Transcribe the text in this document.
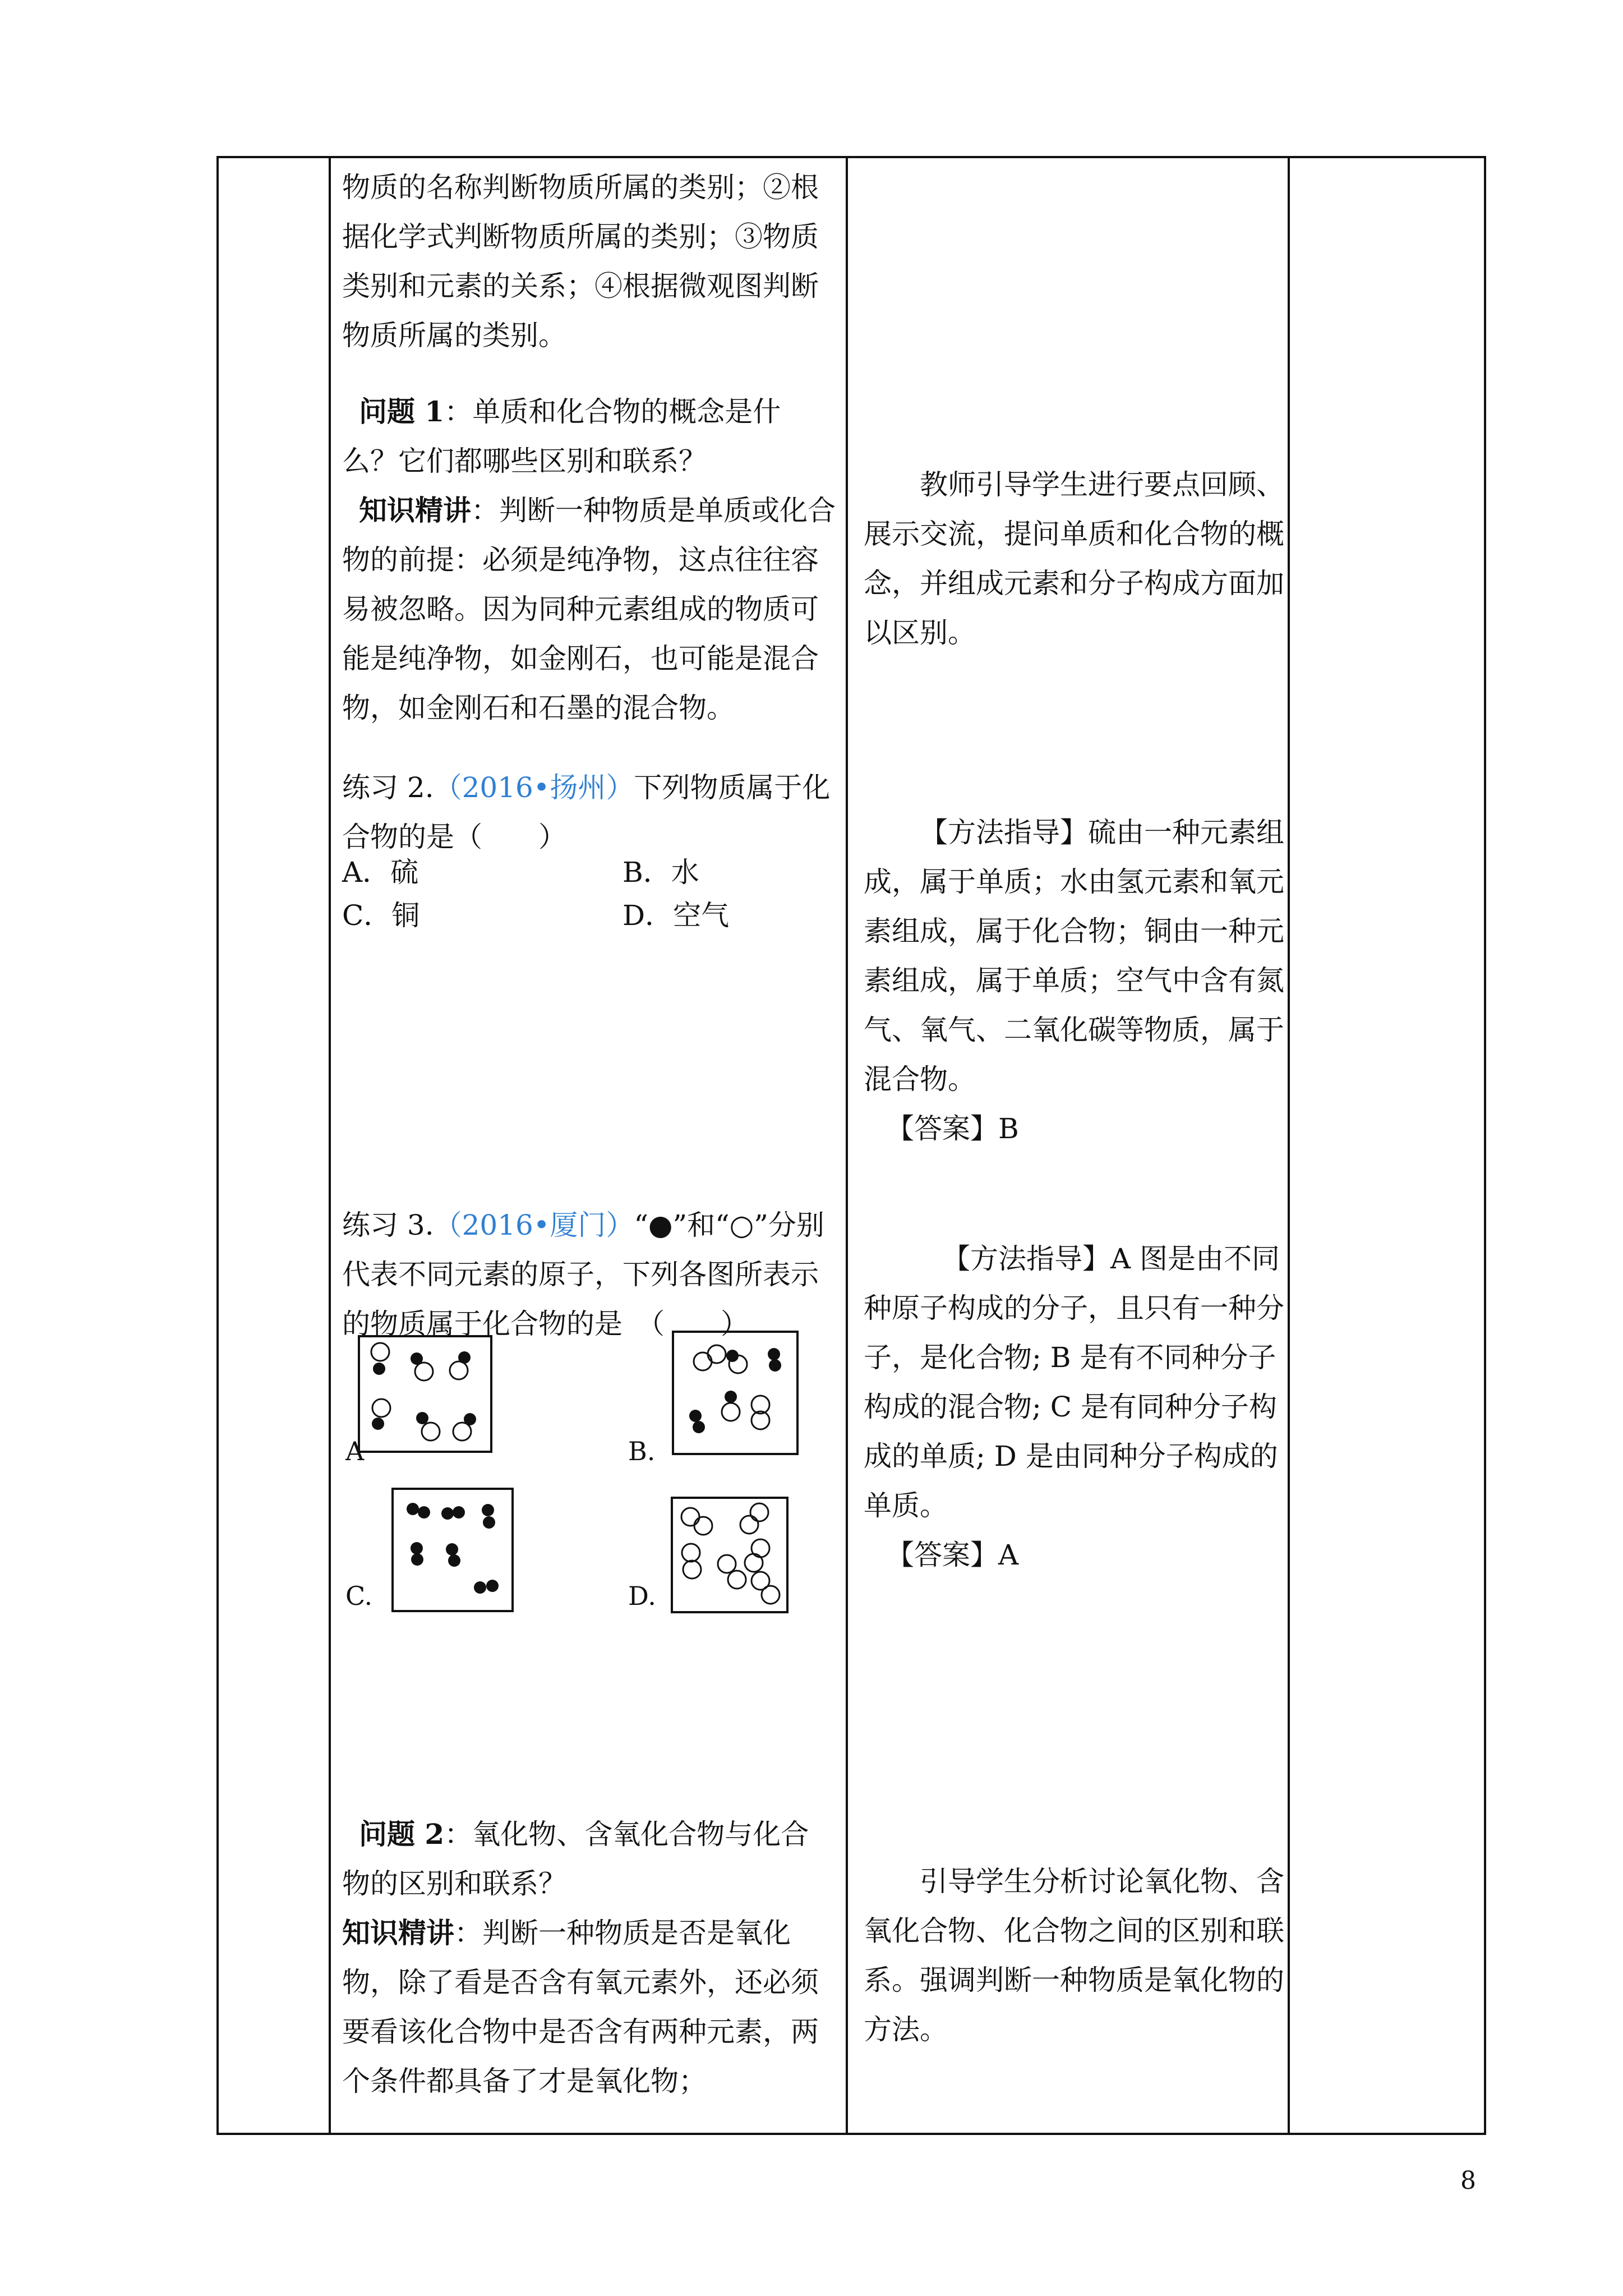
物质的名称判断物质所属的类别；②根据化学式判断物质所属的类别；③物质类别和元素的关系；④根据微观图判断物质所属的类别。

问题 1：单质和化合物的概念是什么？它们都哪些区别和联系？

知识精讲：判断一种物质是单质或化合物的前提：必须是纯净物，这点往往容易被忽略。因为同种元素组成的物质可能是纯净物，如金刚石，也可能是混合物，如金刚石和石墨的混合物。

练习 2.（2016•扬州）下列物质属于化合物的是（　　）

A．硫	B．水
C．铜	D．空气

练习 3.（2016•厦门）“●”和“○”分别代表不同元素的原子，下列各图所表示的物质属于化合物的是　（　　）

A	B.
C.	D.

问题 2：氧化物、含氧化合物与化合物的区别和联系？

知识精讲：判断一种物质是否是氧化物，除了看是否含有氧元素外，还必须要看该化合物中是否含有两种元素，两个条件都具备了才是氧化物；

教师引导学生进行要点回顾、展示交流，提问单质和化合物的概念，并组成元素和分子构成方面加以区别。

【方法指导】硫由一种元素组成，属于单质；水由氢元素和氧元素组成，属于化合物；铜由一种元素组成，属于单质；空气中含有氮气、氧气、二氧化碳等物质，属于混合物。

【答案】B

【方法指导】A 图是由不同种原子构成的分子，且只有一种分子，是化合物; B 是有不同种分子构成的混合物; C 是有同种分子构成的单质; D 是由同种分子构成的单质。

【答案】A

引导学生分析讨论氧化物、含氧化合物、化合物之间的区别和联系。强调判断一种物质是氧化物的方法。

8
